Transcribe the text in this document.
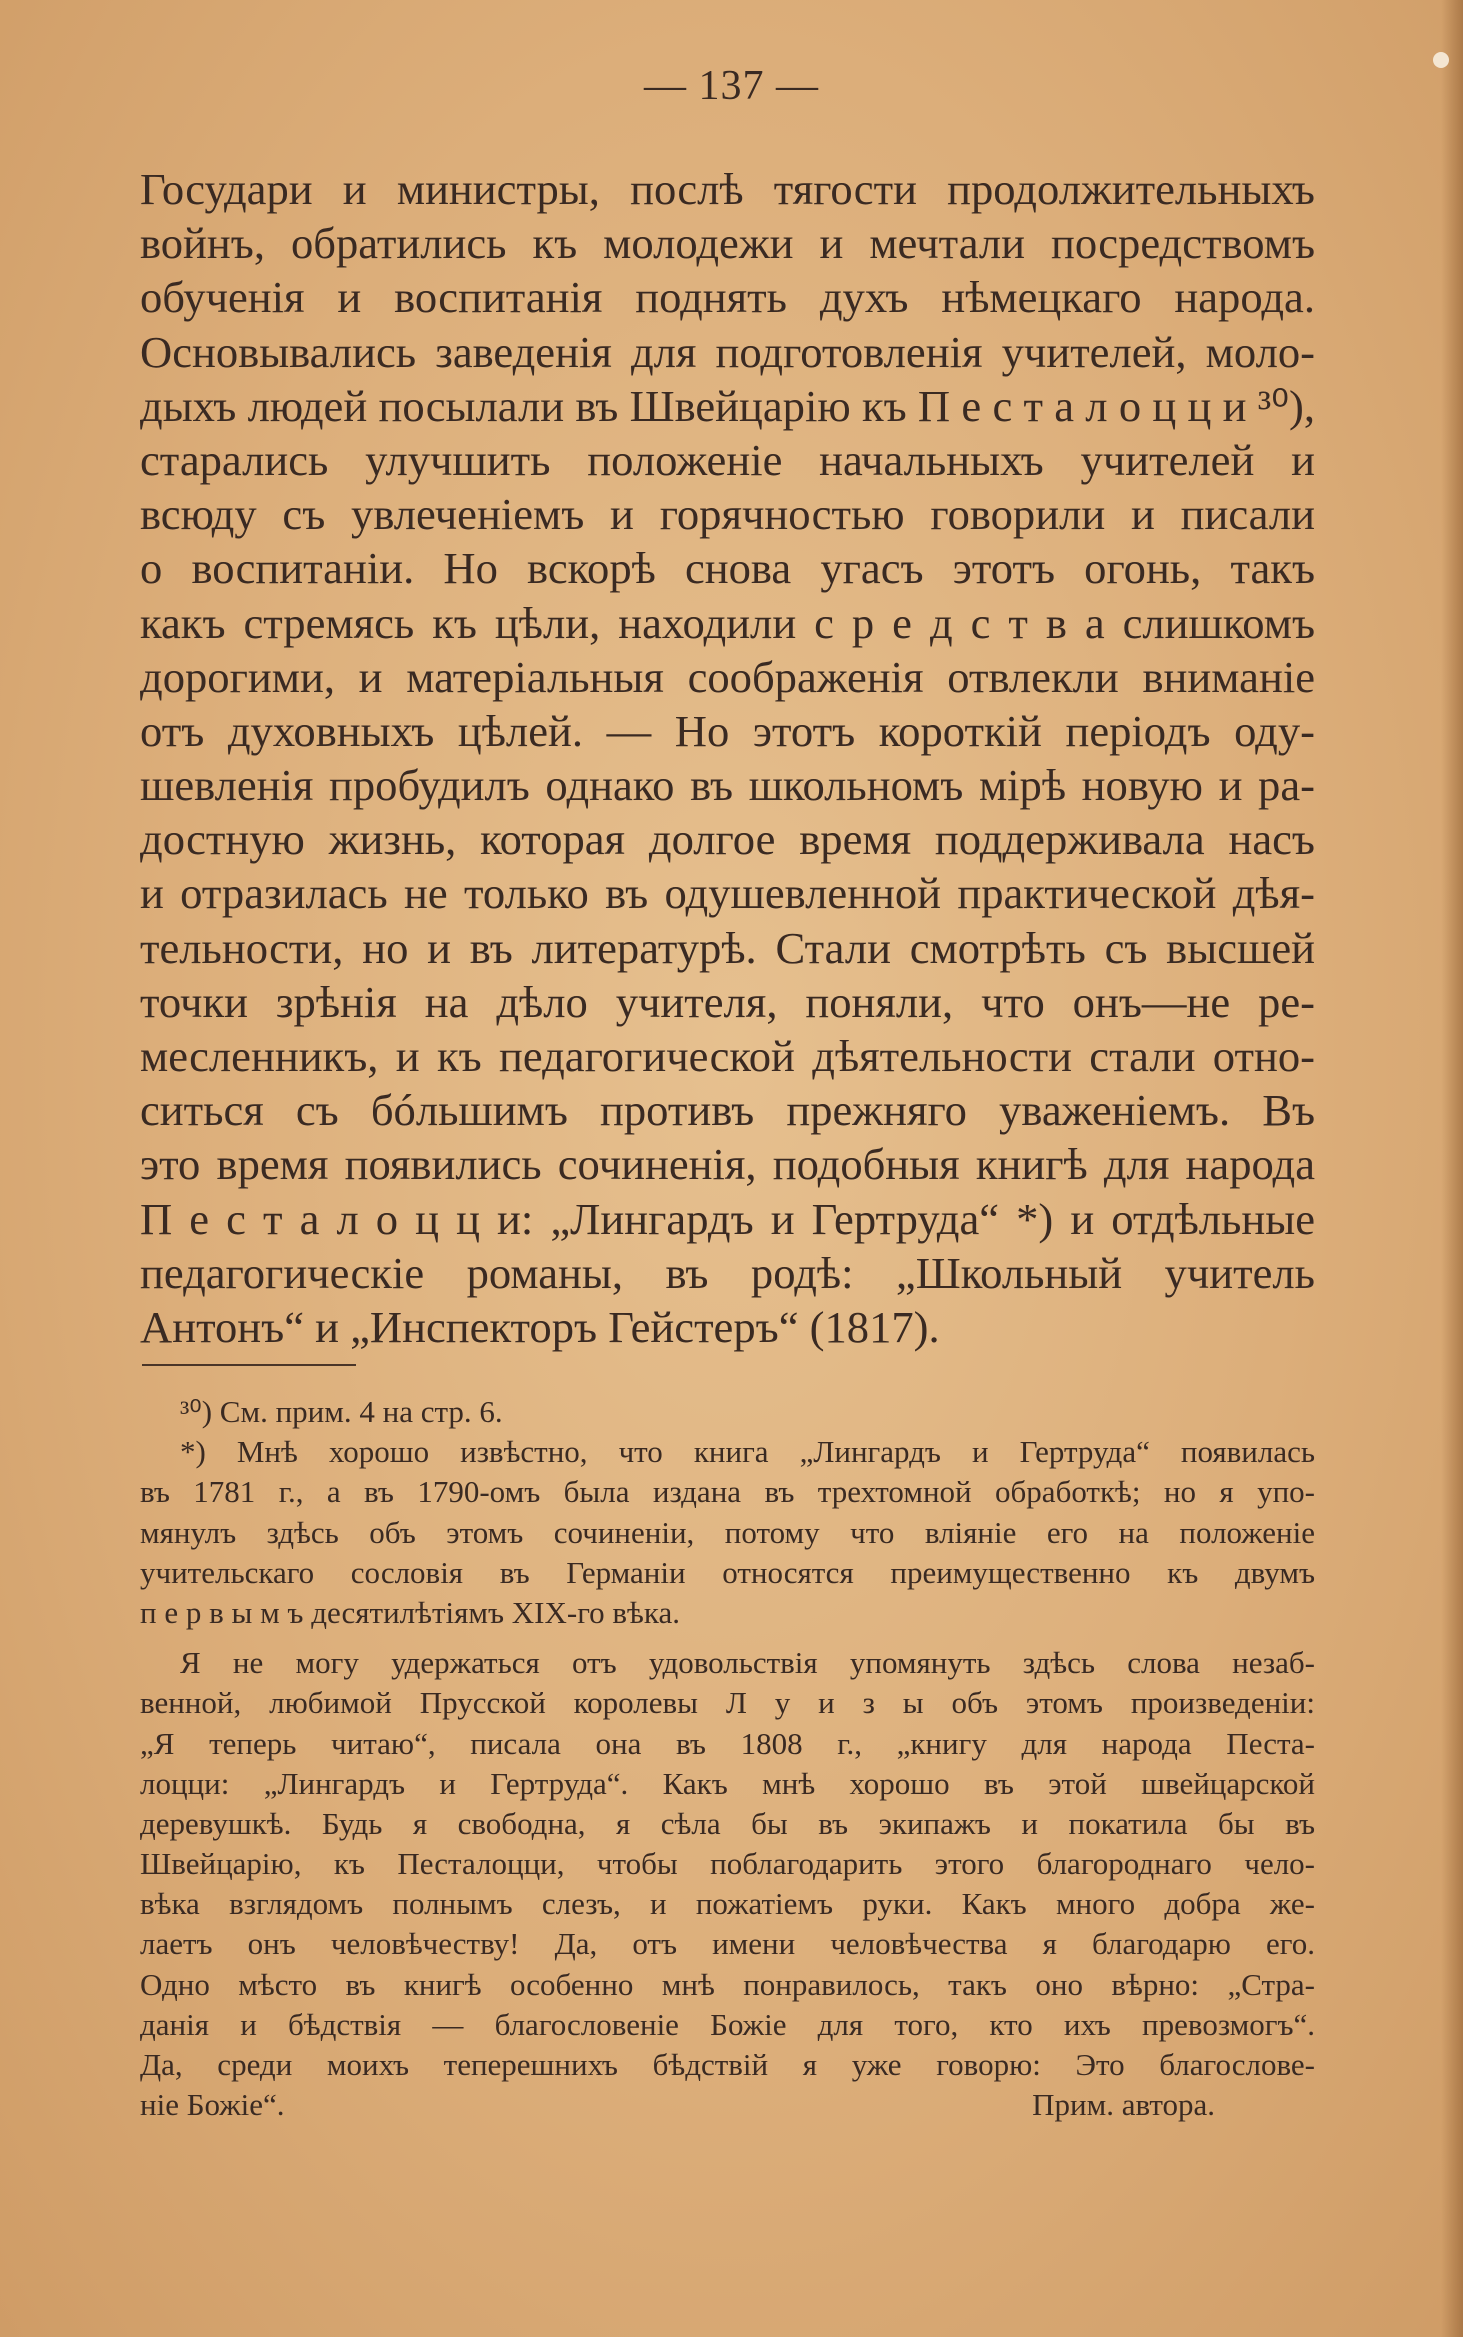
— 137 —
Государи и министры, послѣ тягости продолжительныхъ
войнъ, обратились къ молодежи и мечтали посредствомъ
обученія и воспитанія поднять духъ нѣмецкаго народа.
Основывались заведенія для подготовленія учителей, моло-
дыхъ людей посылали въ Швейцарію къ П е с т а л о ц ц и ³⁰),
старались улучшить положеніе начальныхъ учителей и
всюду съ увлеченіемъ и горячностью говорили и писали
о воспитаніи. Но вскорѣ снова угасъ этотъ огонь, такъ
какъ стремясь къ цѣли, находили с р е д с т в а слишкомъ
дорогими, и матеріальныя соображенія отвлекли вниманіе
отъ духовныхъ цѣлей. — Но этотъ короткій періодъ оду-
шевленія пробудилъ однако въ школьномъ мірѣ новую и ра-
достную жизнь, которая долгое время поддерживала насъ
и отразилась не только въ одушевленной практической дѣя-
тельности, но и въ литературѣ. Стали смотрѣть съ высшей
точки зрѣнія на дѣло учителя, поняли, что онъ—не ре-
месленникъ, и къ педагогической дѣятельности стали отно-
ситься съ бóльшимъ противъ прежняго уваженіемъ. Въ
это время появились сочиненія, подобныя книгѣ для народа
П е с т а л о ц ц и: „Лингардъ и Гертруда“ *) и отдѣльные
педагогическіе романы, въ родѣ: „Школьный учитель
Антонъ“ и „Инспекторъ Гейстеръ“ (1817).
³⁰) См. прим. 4 на стр. 6.
*) Мнѣ хорошо извѣстно, что книга „Лингардъ и Гертруда“ появилась
въ 1781 г., а въ 1790-омъ была издана въ трехтомной обработкѣ; но я упо-
мянулъ здѣсь объ этомъ сочиненіи, потому что вліяніе его на положеніе
учительскаго сословія въ Германіи относятся преимущественно къ двумъ
п е р в ы м ъ десятилѣтіямъ XIX-го вѣка.
Я не могу удержаться отъ удовольствія упомянуть здѣсь слова незаб-
венной, любимой Прусской королевы Л у и з ы объ этомъ произведеніи:
„Я теперь читаю“, писала она въ 1808 г., „книгу для народа Песта-
лоцци: „Лингардъ и Гертруда“. Какъ мнѣ хорошо въ этой швейцарской
деревушкѣ. Будь я свободна, я сѣла бы въ экипажъ и покатила бы въ
Швейцарію, къ Песталоцци, чтобы поблагодарить этого благороднаго чело-
вѣка взглядомъ полнымъ слезъ, и пожатіемъ руки. Какъ много добра же-
лаетъ онъ человѣчеству! Да, отъ имени человѣчества я благодарю его.
Одно мѣсто въ книгѣ особенно мнѣ понравилось, такъ оно вѣрно: „Стра-
данія и бѣдствія — благословеніе Божіе для того, кто ихъ превозмогъ“.
Да, среди моихъ теперешнихъ бѣдствій я уже говорю: Это благослове-
ніе Божіе“.	Прим. автора.
